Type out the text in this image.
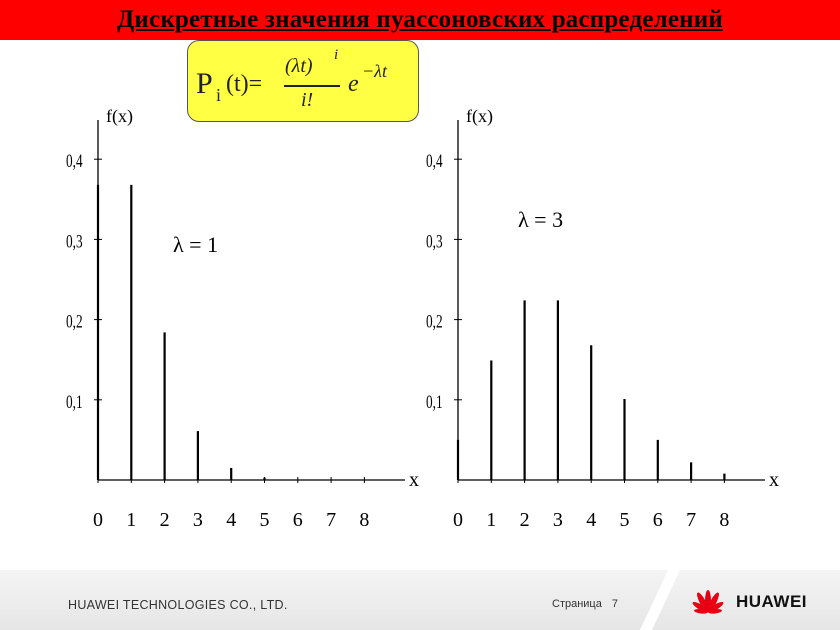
Дискретные значения пуассоновских распределений
P i (t)=
(λt) i
i!
e −λt
f(x)
x
0,1
0,2
0,3
0,4
0 1 2 3 4 5 6 7 8
λ = 1
f(x)
x
0,1
0,2
0,3
0,4
0 1 2 3 4 5 6 7 8
λ = 3
HUAWEI TECHNOLOGIES CO., LTD.	Страница 7	HUAWEI
